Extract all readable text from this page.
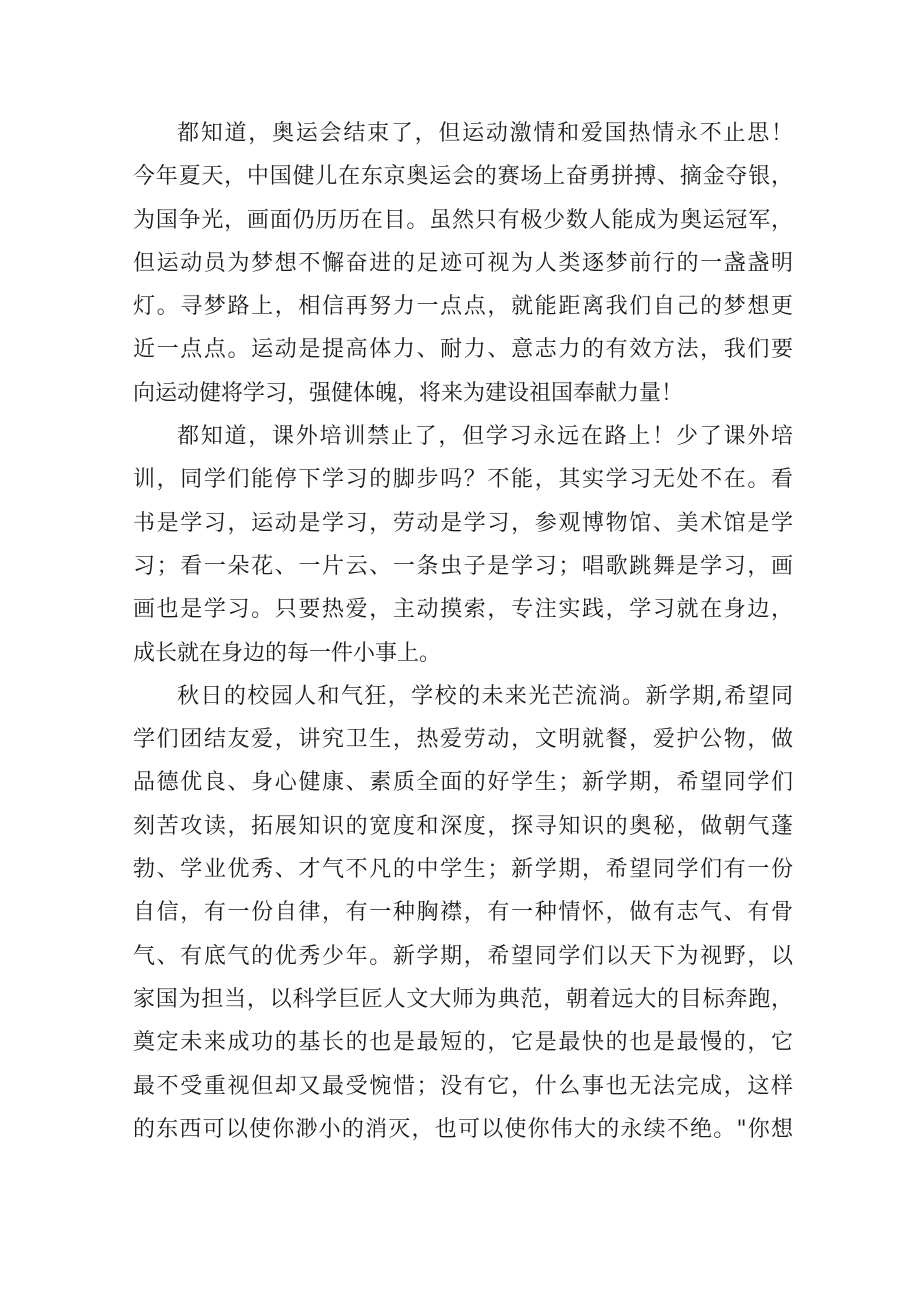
都知道，奥运会结束了，但运动激情和爱国热情永不止思！
今年夏天，中国健儿在东京奥运会的赛场上奋勇拼搏、摘金夺银，
为国争光，画面仍历历在目。虽然只有极少数人能成为奥运冠军，
但运动员为梦想不懈奋进的足迹可视为人类逐梦前行的一盏盏明
灯。寻梦路上，相信再努力一点点，就能距离我们自己的梦想更
近一点点。运动是提高体力、耐力、意志力的有效方法，我们要
向运动健将学习，强健体魄，将来为建设祖国奉献力量！
都知道，课外培训禁止了，但学习永远在路上！少了课外培
训，同学们能停下学习的脚步吗？不能，其实学习无处不在。看
书是学习，运动是学习，劳动是学习，参观博物馆、美术馆是学
习；看一朵花、一片云、一条虫子是学习；唱歌跳舞是学习，画
画也是学习。只要热爱，主动摸索，专注实践，学习就在身边，
成长就在身边的每一件小事上。
秋日的校园人和气狂，学校的未来光芒流淌。新学期,希望同
学们团结友爱，讲究卫生，热爱劳动，文明就餐，爱护公物，做
品德优良、身心健康、素质全面的好学生；新学期，希望同学们
刻苦攻读，拓展知识的宽度和深度，探寻知识的奥秘，做朝气蓬
勃、学业优秀、才气不凡的中学生；新学期，希望同学们有一份
自信，有一份自律，有一种胸襟，有一种情怀，做有志气、有骨
气、有底气的优秀少年。新学期，希望同学们以天下为视野，以
家国为担当，以科学巨匠人文大师为典范，朝着远大的目标奔跑，
奠定未来成功的基长的也是最短的，它是最快的也是最慢的，它
最不受重视但却又最受惋惜；没有它，什么事也无法完成，这样
的东西可以使你渺小的消灭，也可以使你伟大的永续不绝。"你想
